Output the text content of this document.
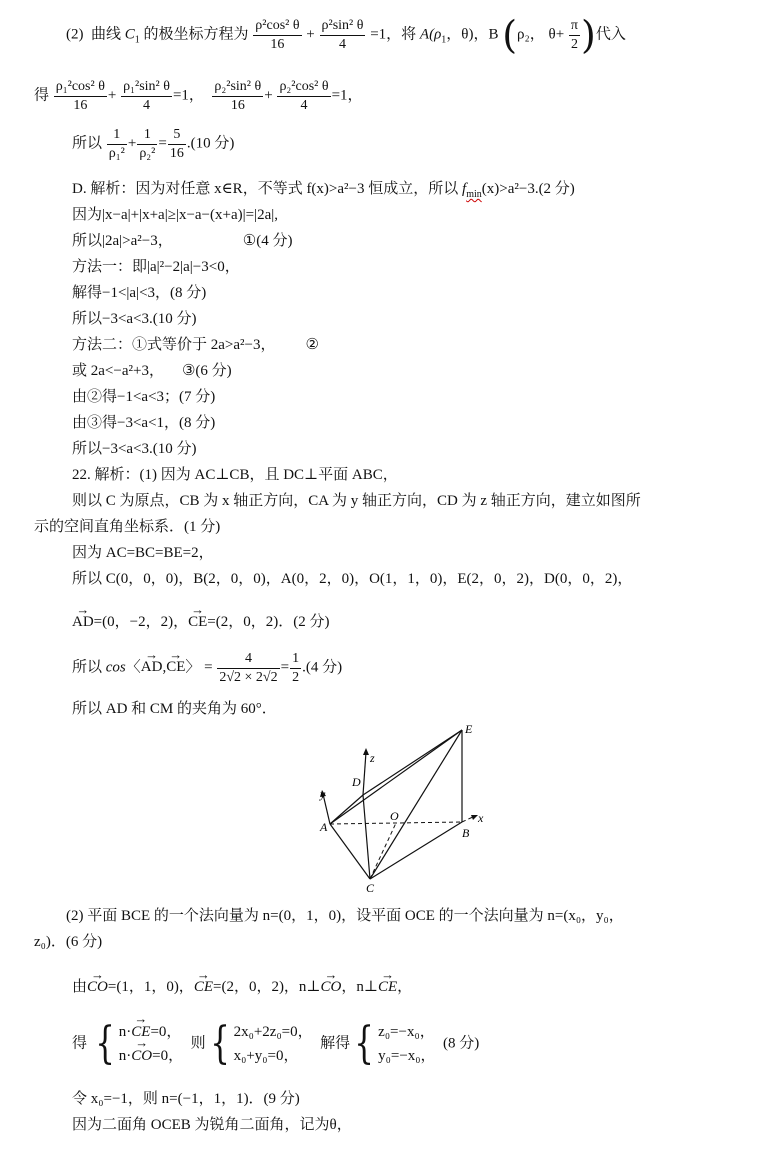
(2) 曲线 $C_1$ 的极坐标方程为 $\frac{\text{ρ²cos² θ}}{16} + \frac{\text{ρ²sin² θ}}{4} =1$，将 $A(\rho_1$，θ)，B (ρ₂， $\theta+ \frac{\pi}{2}$ )代入
得 $\frac{\text{ρ₁²cos² θ}}{16} + \frac{\text{ρ₁²sin² θ}}{4} =1$， $\frac{\text{ρ₂²sin² θ}}{16} + \frac{\text{ρ₂²cos² θ}}{4} =1$，
所以 $\frac{1}{\text{ρ₁²}} + \frac{1}{\text{ρ₂²}} = \frac{5}{16} .(10$ 分)
D. 解析：因为对任意 x∈R，不等式 f(x)>a²−3 恒成立，所以 $f_{min}(x)>a^2-3.(2$ 分)
因为|x−a|+|x+a|≥|x−a−(x+a)|=|2a|,
所以|2a|>a²−3，	①(4 分)
方法一：即|a|²−2|a|−3<0，
解得−1<|a|<3，(8 分)
所以−3<a<3.(10 分)
方法二：①式等价于 2a>a²−3， ②
或 2a<−a²+3， ③(6 分)
由②得−1<a<3；(7 分)
由③得−3<a<1，(8 分)
所以−3<a<3.(10 分)
22. 解析：(1) 因为 AC⊥CB，且 DC⊥平面 ABC，
则以 C 为原点，CB 为 x 轴正方向，CA 为 y 轴正方向，CD 为 z 轴正方向，建立如图所
示的空间直角坐标系．(1 分)
因为 AC=BC=BE=2，
所以 C(0，0，0)，B(2，0，0)，A(0，2，0)，O(1，1，0)，E(2，0，2)，D(0，0，2)，
→ AD=(0，−2，2)，→ CE=(2，0，2)．(2 分)
所以 cos〈→ AD,→ CE〉 = $\frac{4}{2√2 \times 2√2} = \frac{1}{2} .(4$ 分)
所以 AD 和 CM 的夹角为 60°．
E
z
D
y
O	x
A	B
C
(2) 平面 BCE 的一个法向量为 n=(0，1，0)，设平面 OCE 的一个法向量为 n=(x₀，y₀，
z₀)．(6 分)
由→ CO=(1，1，0)，→ CE=(2，0，2)，n⊥→ CO，n⊥→ CE，
得 { n·→ CE=0，
n·→ CO=0，  则{ 2x₀+2z₀=0，
x₀+y₀=0，  解得{ z₀=−x₀，
y₀=−x₀，  (8 分)
令 x₀=−1，则 n=(−1，1，1)．(9 分)
因为二面角 OCEB 为锐角二面角，记为θ，
